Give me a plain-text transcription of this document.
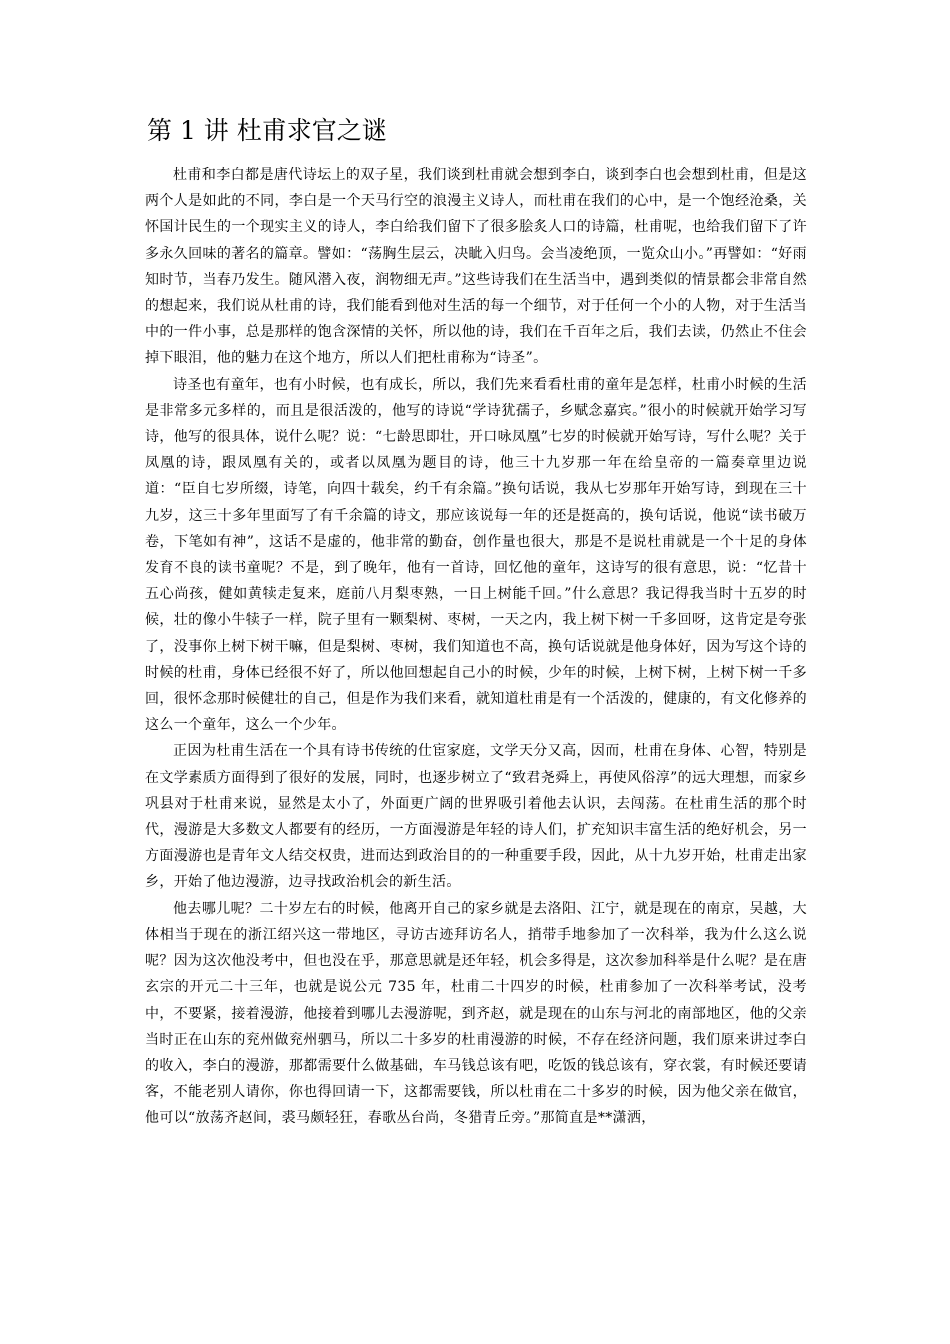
第 1 讲 杜甫求官之谜

杜甫和李白都是唐代诗坛上的双子星，我们谈到杜甫就会想到李白，谈到李白也会想到杜甫，但是这两个人是如此的不同，李白是一个天马行空的浪漫主义诗人，而杜甫在我们的心中，是一个饱经沧桑，关怀国计民生的一个现实主义的诗人，李白给我们留下了很多脍炙人口的诗篇，杜甫呢，也给我们留下了许多永久回味的著名的篇章。譬如：“荡胸生层云，决眦入归鸟。会当凌绝顶，一览众山小。”再譬如：“好雨知时节，当春乃发生。随风潜入夜，润物细无声。”这些诗我们在生活当中，遇到类似的情景都会非常自然的想起来，我们说从杜甫的诗，我们能看到他对生活的每一个细节，对于任何一个小的人物，对于生活当中的一件小事，总是那样的饱含深情的关怀，所以他的诗，我们在千百年之后，我们去读，仍然止不住会掉下眼泪，他的魅力在这个地方，所以人们把杜甫称为“诗圣”。

诗圣也有童年，也有小时候，也有成长，所以，我们先来看看杜甫的童年是怎样，杜甫小时候的生活是非常多元多样的，而且是很活泼的，他写的诗说“学诗犹孺子，乡赋念嘉宾。”很小的时候就开始学习写诗，他写的很具体，说什么呢？说：“七龄思即壮，开口咏凤凰”七岁的时候就开始写诗，写什么呢？关于凤凰的诗，跟凤凰有关的，或者以凤凰为题目的诗，他三十九岁那一年在给皇帝的一篇奏章里边说道：“臣自七岁所缀，诗笔，向四十载矣，约千有余篇。”换句话说，我从七岁那年开始写诗，到现在三十九岁，这三十多年里面写了有千余篇的诗文，那应该说每一年的还是挺高的，换句话说，他说“读书破万卷，下笔如有神”，这话不是虚的，他非常的勤奋，创作量也很大，那是不是说杜甫就是一个十足的身体发育不良的读书童呢？不是，到了晚年，他有一首诗，回忆他的童年，这诗写的很有意思，说：“忆昔十五心尚孩，健如黄犊走复来，庭前八月梨枣熟，一日上树能千回。”什么意思？我记得我当时十五岁的时候，壮的像小牛犊子一样，院子里有一颗梨树、枣树，一天之内，我上树下树一千多回呀，这肯定是夸张了，没事你上树下树干嘛，但是梨树、枣树，我们知道也不高，换句话说就是他身体好，因为写这个诗的时候的杜甫，身体已经很不好了，所以他回想起自己小的时候，少年的时候，上树下树，上树下树一千多回，很怀念那时候健壮的自己，但是作为我们来看，就知道杜甫是有一个活泼的，健康的，有文化修养的这么一个童年，这么一个少年。

正因为杜甫生活在一个具有诗书传统的仕宦家庭，文学天分又高，因而，杜甫在身体、心智，特别是在文学素质方面得到了很好的发展，同时，也逐步树立了“致君尧舜上，再使风俗淳”的远大理想，而家乡巩县对于杜甫来说，显然是太小了，外面更广阔的世界吸引着他去认识，去闯荡。在杜甫生活的那个时代，漫游是大多数文人都要有的经历，一方面漫游是年轻的诗人们，扩充知识丰富生活的绝好机会，另一方面漫游也是青年文人结交权贵，进而达到政治目的的一种重要手段，因此，从十九岁开始，杜甫走出家乡，开始了他边漫游，边寻找政治机会的新生活。

他去哪儿呢？二十岁左右的时候，他离开自己的家乡就是去洛阳、江宁，就是现在的南京，吴越，大体相当于现在的浙江绍兴这一带地区，寻访古迹拜访名人，捎带手地参加了一次科举，我为什么这么说呢？因为这次他没考中，但也没在乎，那意思就是还年轻，机会多得是，这次参加科举是什么呢？是在唐玄宗的开元二十三年，也就是说公元 735 年，杜甫二十四岁的时候，杜甫参加了一次科举考试，没考中，不要紧，接着漫游，他接着到哪儿去漫游呢，到齐赵，就是现在的山东与河北的南部地区，他的父亲当时正在山东的兖州做兖州驷马，所以二十多岁的杜甫漫游的时候，不存在经济问题，我们原来讲过李白的收入，李白的漫游，那都需要什么做基础，车马钱总该有吧，吃饭的钱总该有，穿衣裳，有时候还要请客，不能老别人请你，你也得回请一下，这都需要钱，所以杜甫在二十多岁的时候，因为他父亲在做官，他可以“放荡齐赵间，裘马颇轻狂，春歌丛台尚，冬猎青丘旁。”那简直是**潇洒，
